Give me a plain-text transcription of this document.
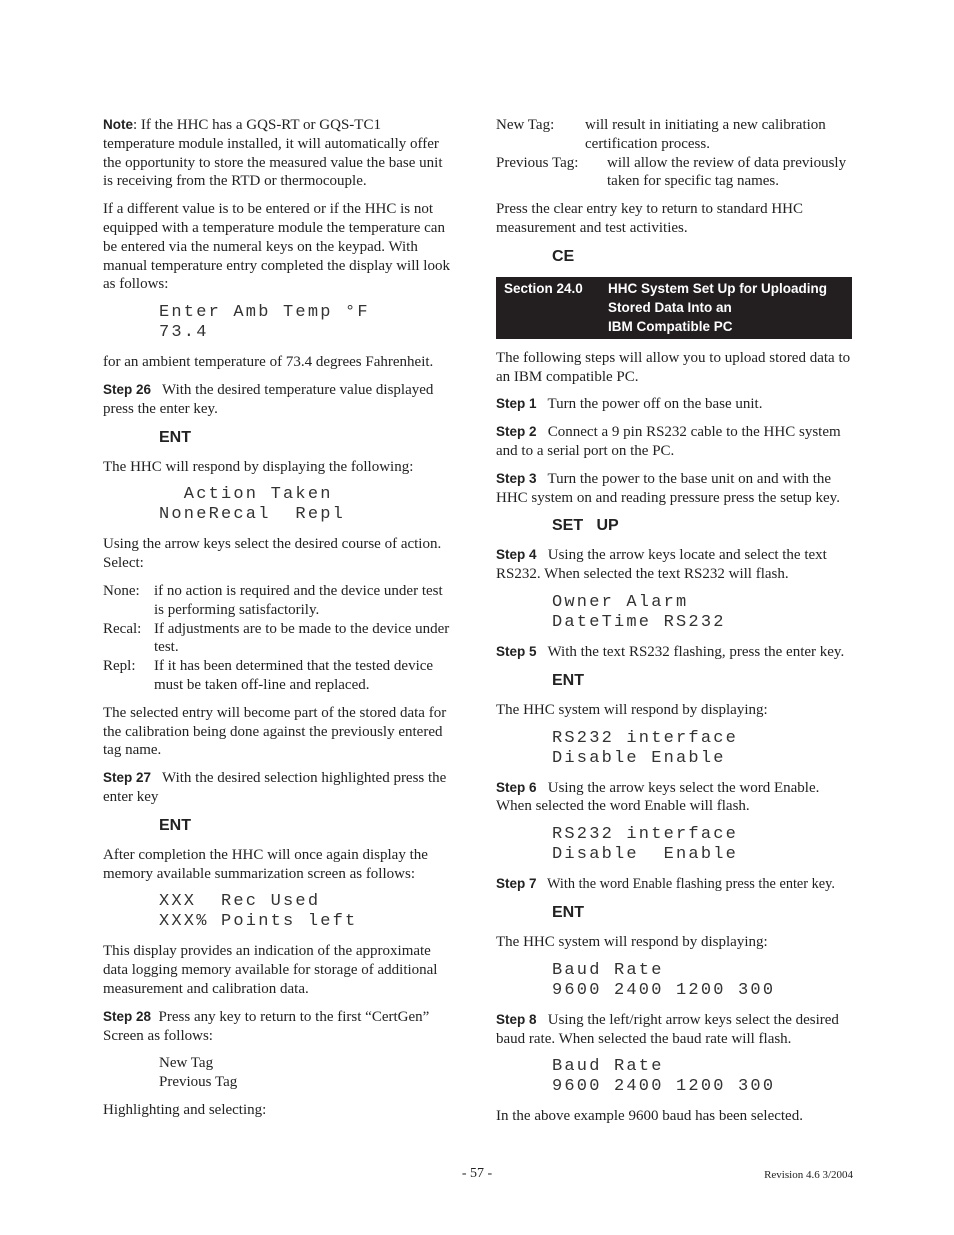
Note: If the HHC has a GQS-RT or GQS-TC1 temperature module installed, it will automatically offer the opportunity to store the measured value the base unit is receiving from the RTD or thermocouple.

If a different value is to be entered or if the HHC is not equipped with a temperature module the temperature can be entered via the numeral keys on the keypad. With manual temperature entry completed the display will look as follows:

Enter Amb Temp °F
73.4

for an ambient temperature of 73.4 degrees Fahrenheit.

Step 26 With the desired temperature value displayed press the enter key.

ENT

The HHC will respond by displaying the following:

Action Taken
NoneRecal  Repl

Using the arrow keys select the desired course of action. Select:

None: if no action is required and the device under test is performing satisfactorily.
Recal: If adjustments are to be made to the device under test.
Repl:	If it has been determined that the tested device must be taken off-line and replaced.

The selected entry will become part of the stored data for the calibration being done against the previously entered tag name.

Step 27 With the desired selection highlighted press the enter key

ENT

After completion the HHC will once again display the memory available summarization screen as follows:

XXX  Rec Used
XXX% Points left

This display provides an indication of the approximate data logging memory available for storage of additional measurement and calibration data.

Step 28 Press any key to return to the first “CertGen” Screen as follows:

New Tag

Previous Tag

Highlighting and selecting:

New Tag:	will result in initiating a new calibration certification process.
Previous Tag:	will allow the review of data previously taken for specific tag names.

Press the clear entry key to return to standard HHC measurement and test activities.

CE
Section 24.0	HHC System Set Up for Uploading
Stored Data Into an
IBM Compatible PC

The following steps will allow you to upload stored data to an IBM compatible PC.

Step 1 Turn the power off on the base unit.

Step 2 Connect a 9 pin RS232 cable to the HHC system and to a serial port on the PC.

Step 3 Turn the power to the base unit on and with the HHC system on and reading pressure press the setup key.

SET   UP

Step 4 Using the arrow keys locate and select the text RS232. When selected the text RS232 will flash.

Owner Alarm
DateTime RS232

Step 5 With the text RS232 flashing, press the enter key.

ENT

The HHC system will respond by displaying:

RS232 interface
Disable Enable

Step 6 Using the arrow keys select the word Enable. When selected the word Enable will flash.

RS232 interface
Disable  Enable

Step 7 With the word Enable flashing press the enter key.

ENT

The HHC system will respond by displaying:

Baud Rate
9600 2400 1200 300

Step 8 Using the left/right arrow keys select the desired baud rate. When selected the baud rate will flash.

Baud Rate
9600 2400 1200 300

In the above example 9600 baud has been selected.

- 57 -	Revision 4.6 3/2004
